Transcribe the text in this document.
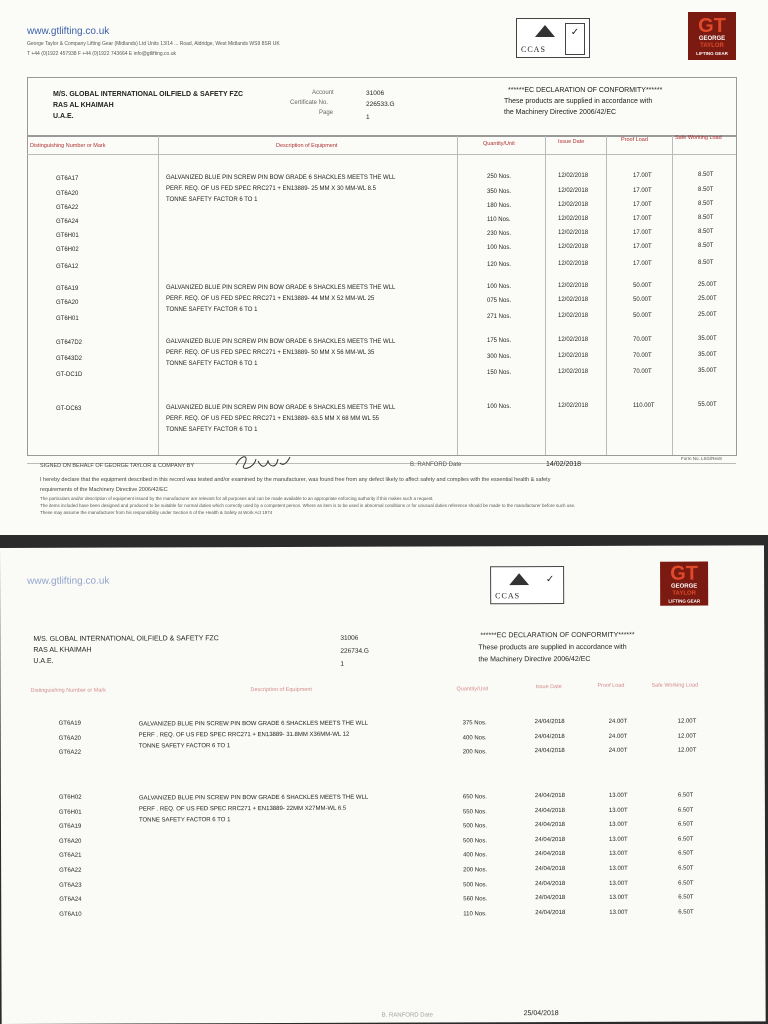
www.gtlifting.co.uk
George Taylor & Company Lifting Gear (Midlands) Ltd Units 13/14 ... Road, Aldridge, West Midlands WS9 8SR UK
T +44 (0)1922 457938 F +44 (0)1922 743664 E info@gtlifting.co.uk	CCAS
✓	GT
GEORGE
TAYLOR
LIFTING GEAR
M/S. GLOBAL INTERNATIONAL OILFIELD & SAFETY FZC
RAS AL KHAIMAH
U.A.E.
Account
Certificate No.
Page
31006
226533.G
1
******EC DECLARATION OF CONFORMITY******
These products are supplied in accordance with
the Machinery Directive 2006/42/EC
Distinguishing Number or Mark	Description of Equipment	Quantity/Unit	Issue Date	Proof Load	Safe Working Load
GALVANIZED BLUE PIN SCREW PIN BOW GRADE 6 SHACKLES MEETS THE WLL
PERF. REQ. OF US FED SPEC RRC271 + EN13889- 25 MM X 30 MM-WL 8.5
TONNE SAFETY FACTOR 6 TO 1
GT6A17	250 Nos.	12/02/2018	17.00T	8.50T
GT6A20	350 Nos.	12/02/2018	17.00T	8.50T
GT6A22	180 Nos.	12/02/2018	17.00T	8.50T
GT6A24	110 Nos.	12/02/2018	17.00T	8.50T
GT6H01	230 Nos.	12/02/2018	17.00T	8.50T
GT6H02	100 Nos.	12/02/2018	17.00T	8.50T
GT6A12	120 Nos.	12/02/2018	17.00T	8.50T
GALVANIZED BLUE PIN SCREW PIN BOW GRADE 6 SHACKLES MEETS THE WLL
PERF. REQ. OF US FED SPEC RRC271 + EN13889- 44 MM X 52 MM-WL 25
TONNE SAFETY FACTOR 6 TO 1
GT6A19	100 Nos.	12/02/2018	50.00T	25.00T
GT6A20	075 Nos.	12/02/2018	50.00T	25.00T
GT6H01	271 Nos.	12/02/2018	50.00T	25.00T
GALVANIZED BLUE PIN SCREW PIN BOW GRADE 6 SHACKLES MEETS THE WLL
PERF. REQ. OF US FED SPEC RRC271 + EN13889- 50 MM X 56 MM-WL 35
TONNE SAFETY FACTOR 6 TO 1
GT647D2	175 Nos.	12/02/2018	70.00T	35.00T
GT643D2	300 Nos.	12/02/2018	70.00T	35.00T
GT-DC1D	150 Nos.	12/02/2018	70.00T	35.00T
GALVANIZED BLUE PIN SCREW PIN BOW GRADE 6 SHACKLES MEETS THE WLL
PERF. REQ. OF US FED SPEC RRC271 + EN13889- 63.5 MM X 68 MM WL 55
TONNE SAFETY FACTOR 6 TO 1
GT-DC63	100 Nos.	12/02/2018	110.00T	55.00T
SIGNED ON BEHALF OF GEORGE TAYLOR & COMPANY BY	B. RANFORD Date	14/02/2018
Form No. LSG/Rev8
I hereby declare that the equipment described in this record was tested and/or examined by the manufacturer, was found free from any defect likely to affect safety and complies with the essential health & safety
requirements of the Machinery Directive 2006/42/EC
The particulars and/or description of equipment issued by the manufacturer are relevant for all purposes and can be made available to an appropriate enforcing authority if this makes such a request.
The items included have been designed and produced to be suitable for normal duties which correctly used by a competent person. Where an item is to be used in abnormal conditions or for unusual duties reference should be made to the manufacturer before such use.
These may assume the manufacturer from his responsibility under Section 6 of the Health & Safety at Work Act 1974
www.gtlifting.co.uk
CCAS
✓	GT
GEORGE
TAYLOR
LIFTING GEAR
M/S. GLOBAL INTERNATIONAL OILFIELD & SAFETY FZC
RAS AL KHAIMAH
U.A.E.
31006
226734.G
1
******EC DECLARATION OF CONFORMITY******
These products are supplied in accordance with
the Machinery Directive 2006/42/EC
Distinguishing Number or Mark	Description of Equipment	Quantity/Unit	Issue Date	Proof Load	Safe Working Load
GALVANIZED BLUE PIN SCREW PIN BOW GRADE 6 SHACKLES MEETS THE WLL
PERF . REQ. OF US FED SPEC RRC271 + EN13889- 31.8MM X36MM-WL 12
TONNE SAFETY FACTOR 6 TO 1
GT6A19	375 Nos.	24/04/2018	24.00T	12.00T
GT6A20	400 Nos.	24/04/2018	24.00T	12.00T
GT6A22	200 Nos.	24/04/2018	24.00T	12.00T
GALVANIZED BLUE PIN SCREW PIN BOW GRADE 6 SHACKLES MEETS THE WLL
PERF . REQ. OF US FED SPEC RRC271 + EN13889- 22MM X27MM-WL 6.5
TONNE SAFETY FACTOR 6 TO 1
GT6H02	650 Nos.	24/04/2018	13.00T	6.50T
GT6H01	550 Nos.	24/04/2018	13.00T	6.50T
GT6A19	500 Nos.	24/04/2018	13.00T	6.50T
GT6A20	500 Nos.	24/04/2018	13.00T	6.50T
GT6A21	400 Nos.	24/04/2018	13.00T	6.50T
GT6A22	200 Nos.	24/04/2018	13.00T	6.50T
GT6A23	500 Nos.	24/04/2018	13.00T	6.50T
GT6A24	560 Nos.	24/04/2018	13.00T	6.50T
GT6A10	110 Nos.	24/04/2018	13.00T	6.50T
B. RANFORD Date	25/04/2018
